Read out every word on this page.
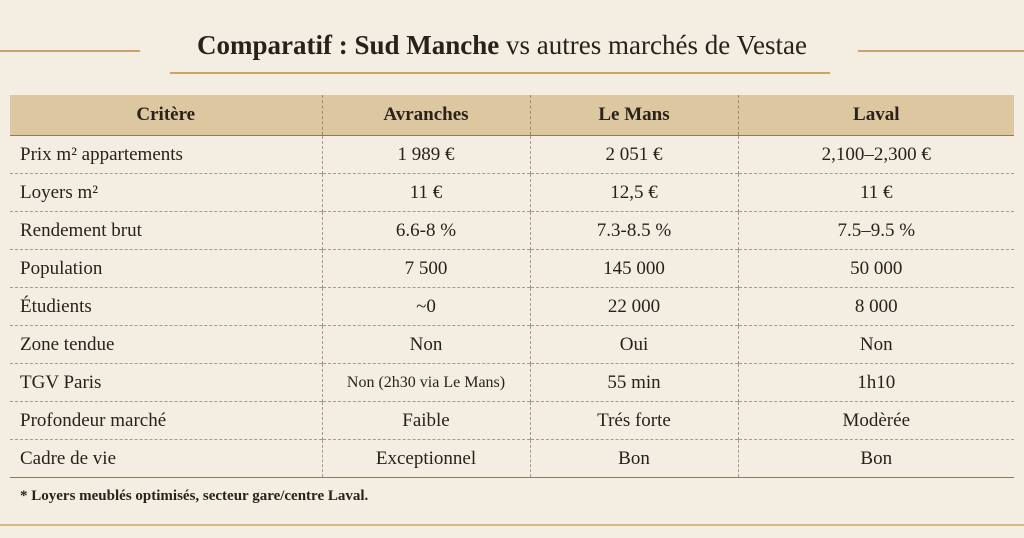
Comparatif : Sud Manche vs autres marchés de Vestae
Critère	Avranches	Le Mans	Laval
Prix m² appartements	1 989 €	2 051 €	2,100–2,300 €
Loyers m²	11 €	12,5 €	11 €
Rendement brut	6.6-8 %	7.3-8.5 %	7.5–9.5 %
Population	7 500	145 000	50 000
Étudients	~0	22 000	8 000
Zone tendue	Non	Oui	Non
TGV Paris	Non (2h30 via Le Mans)	55 min	1h10
Profondeur marché	Faible	Trés forte	Modèrée
Cadre de vie	Exceptionnel	Bon	Bon
* Loyers meublés optimisés, secteur gare/centre Laval.
